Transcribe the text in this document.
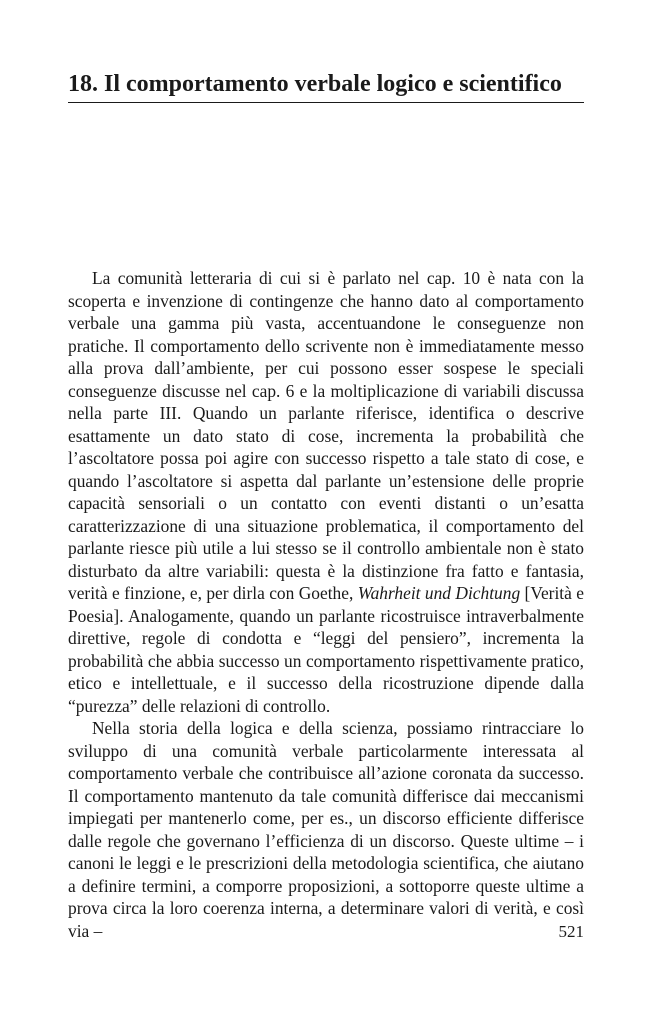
18. Il comportamento verbale logico e scientifico

La comunità letteraria di cui si è parlato nel cap. 10 è nata con la scoperta e invenzione di contingenze che hanno dato al comportamento verbale una gamma più vasta, accentuandone le conseguenze non pratiche. Il comportamento dello scrivente non è immediatamente messo alla prova dall’ambiente, per cui possono esser sospese le speciali conseguenze discusse nel cap. 6 e la moltiplicazione di variabili discussa nella parte III. Quando un parlante riferisce, identifica o descrive esattamente un dato stato di cose, incrementa la probabilità che l’ascoltatore possa poi agire con successo rispetto a tale stato di cose, e quando l’ascoltatore si aspetta dal parlante un’estensione delle proprie capacità sensoriali o un contatto con eventi distanti o un’esatta caratterizzazione di una situazione problematica, il comportamento del parlante riesce più utile a lui stesso se il controllo ambientale non è stato disturbato da altre variabili: questa è la distinzione fra fatto e fantasia, verità e finzione, e, per dirla con Goethe, Wahrheit und Dichtung [Verità e Poesia]. Analogamente, quando un parlante ricostruisce intraverbalmente direttive, regole di condotta e “leggi del pensiero”, incrementa la probabilità che abbia successo un comportamento rispettivamente pratico, etico e intellettuale, e il successo della ricostruzione dipende dalla “purezza” delle relazioni di controllo.

Nella storia della logica e della scienza, possiamo rintracciare lo sviluppo di una comunità verbale particolarmente interessata al comportamento verbale che contribuisce all’azione coronata da successo. Il comportamento mantenuto da tale comunità differisce dai meccanismi impiegati per mantenerlo come, per es., un discorso efficiente differisce dalle regole che governano l’efficienza di un discorso. Queste ultime – i canoni le leggi e le prescrizioni della metodologia scientifica, che aiutano a definire termini, a comporre proposizioni, a sottoporre queste ultime a prova circa la loro coerenza interna, a determinare valori di verità, e così via –	521
